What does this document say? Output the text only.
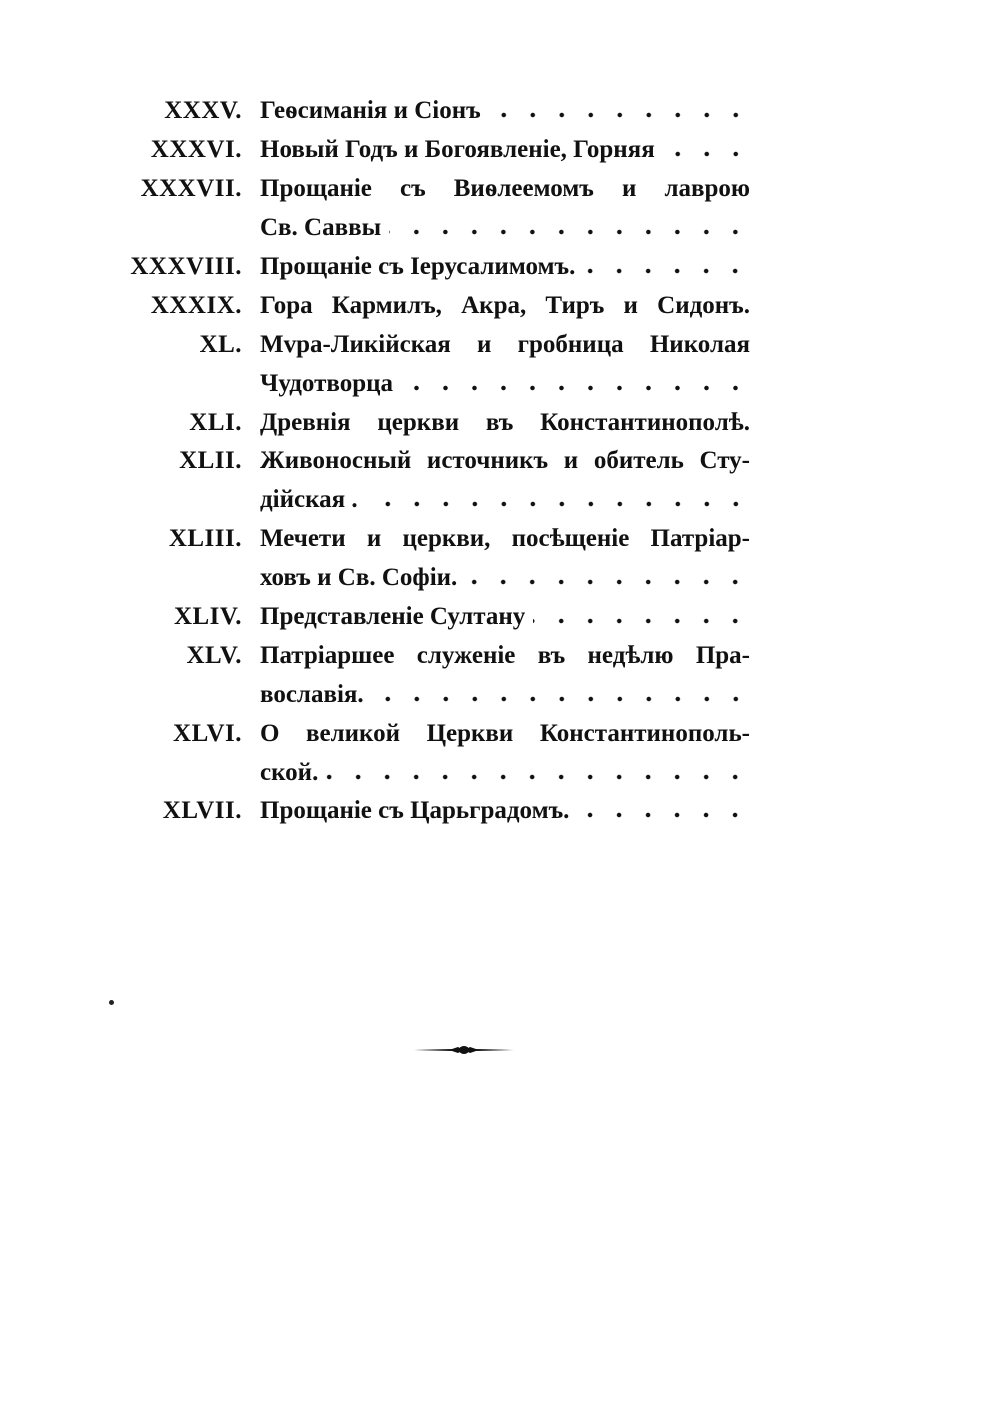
XXXV. Геѳсиманія и Сіонъ
XXXVI. Новый Годъ и Богоявленіе, Горняя
XXXVII. Прощаніе съ Виѳлеемомъ и лаврою
Св. Саввы
XXXVIII. Прощаніе съ Іерусалимомъ.
XXXIX. Гора Кармилъ, Акра, Тиръ и Сидонъ.
XL. Мvра-Ликійская и гробница Николая
Чудотворца
XLI. Древнія церкви въ Константинополѣ.
XLII. Живоносный источникъ и обитель Сту-
дійская .
XLIII. Мечети и церкви, посѣщеніе Патріар-
ховъ и Св. Софіи.
XLIV. Представленіе Султану
XLV. Патріаршее служеніе въ недѣлю Пра-
вославія.
XLVI. О великой Церкви Константинополь-
ской.
XLVII. Прощаніе съ Царьградомъ.
